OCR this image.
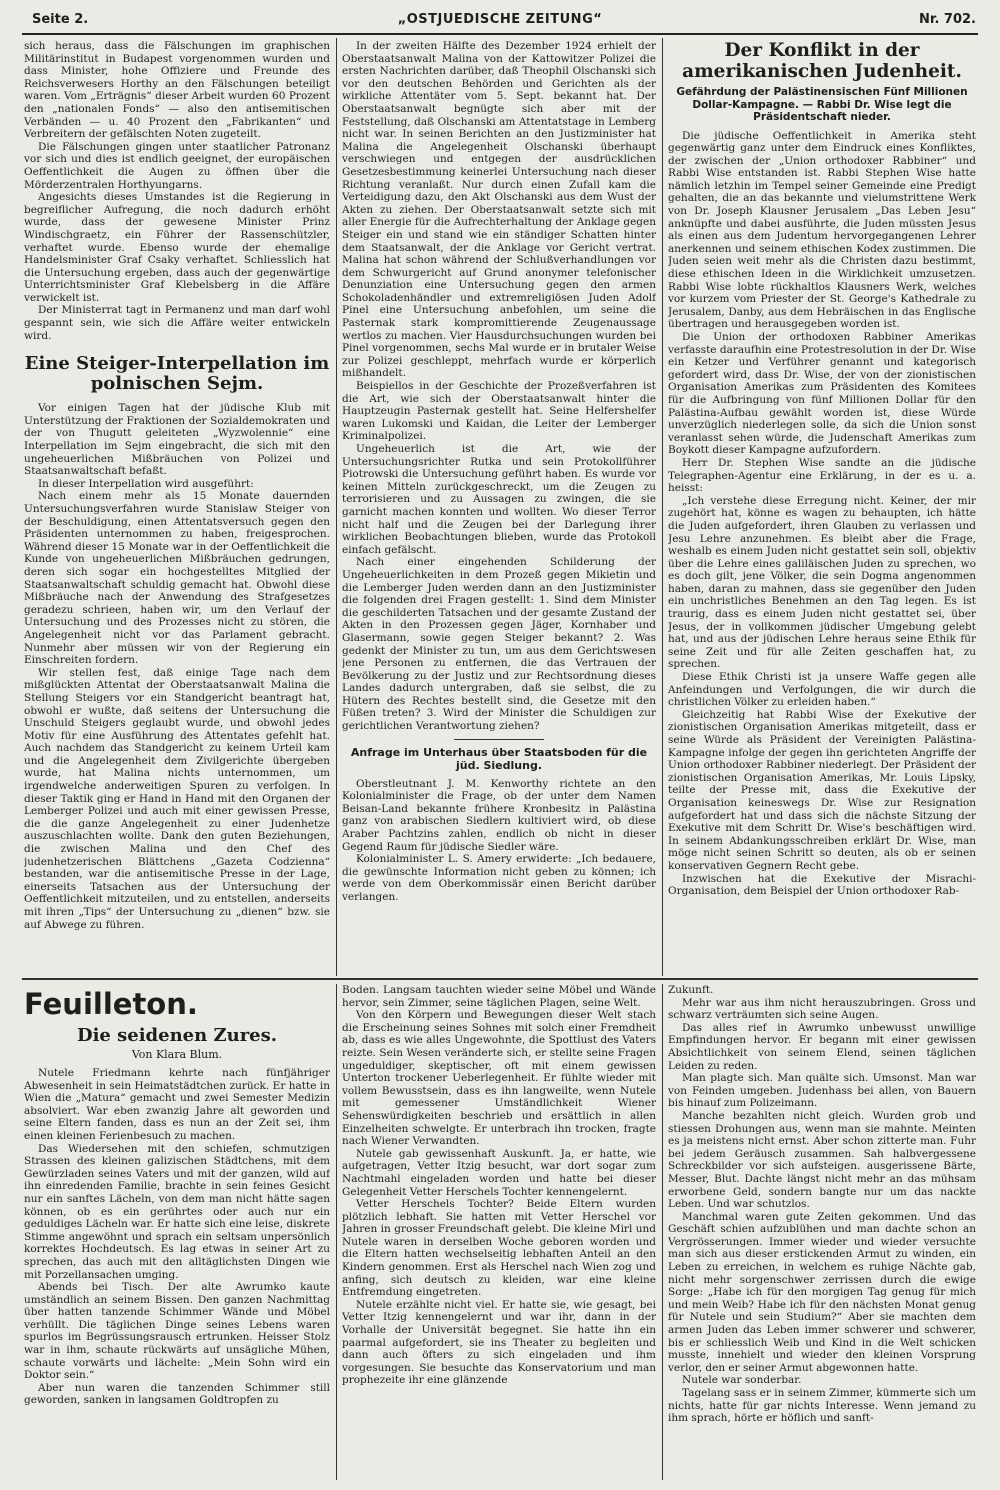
Seite 2.	„OSTJUEDISCHE ZEITUNG“	Nr. 702.

sich heraus, dass die Fälschungen im graphischen Militärinstitut in Budapest vorgenommen wurden und dass Minister, hohe Offiziere und Freunde des Reichsverwesers Horthy an den Fälschungen beteiligt waren. Vom „Erträgnis“ dieser Arbeit wurden 60 Prozent den „nationalen Fonds“ — also den antisemitischen Verbänden — u. 40 Prozent den „Fabrikanten“ und Verbreitern der gefälschten Noten zugeteilt.

Die Fälschungen gingen unter staatlicher Patronanz vor sich und dies ist endlich geeignet, der europäischen Oeffentlichkeit die Augen zu öffnen über die Mörderzentralen Horthyungarns.

Angesichts dieses Umstandes ist die Regierung in begreiflicher Aufregung, die noch dadurch erhöht wurde, dass der gewesene Minister Prinz Windischgraetz, ein Führer der Rassenschützler, verhaftet wurde. Ebenso wurde der ehemalige Handelsminister Graf Csaky verhaftet. Schliesslich hat die Untersuchung ergeben, dass auch der gegenwärtige Unterrichtsminister Graf Klebelsberg in die Affäre verwickelt ist.

Der Ministerrat tagt in Permanenz und man darf wohl gespannt sein, wie sich die Affäre weiter entwickeln wird.

Eine Steiger-Interpellation im polnischen Sejm.

Vor einigen Tagen hat der jüdische Klub mit Unterstützung der Fraktionen der Sozialdemokraten und der von Thugutt geleiteten „Wyzwolennie“ eine Interpellation im Sejm eingebracht, die sich mit den ungeheuerlichen Mißbräuchen von Polizei und Staatsanwaltschaft befaßt.

In dieser Interpellation wird ausgeführt:

Nach einem mehr als 15 Monate dauernden Untersuchungsverfahren wurde Stanislaw Steiger von der Beschuldigung, einen Attentatsversuch gegen den Präsidenten unternommen zu haben, freigesprochen. Während dieser 15 Monate war in der Oeffentlichkeit die Kunde von ungeheuerlichen Mißbräuchen gedrungen, deren sich sogar ein hochgestelltes Mitglied der Staatsanwaltschaft schuldig gemacht hat. Obwohl diese Mißbräuche nach der Anwendung des Strafgesetzes geradezu schrieen, haben wir, um den Verlauf der Untersuchung und des Prozesses nicht zu stören, die Angelegenheit nicht vor das Parlament gebracht. Nunmehr aber müssen wir von der Regierung ein Einschreiten fordern.

Wir stellen fest, daß einige Tage nach dem mißglückten Attentat der Oberstaatsanwalt Malina die Stellung Steigers vor ein Standgericht beantragt hat, obwohl er wußte, daß seitens der Untersuchung die Unschuld Steigers geglaubt wurde, und obwohl jedes Motiv für eine Ausführung des Attentates gefehlt hat. Auch nachdem das Standgericht zu keinem Urteil kam und die Angelegenheit dem Zivilgerichte übergeben wurde, hat Malina nichts unternommen, um irgendwelche anderweitigen Spuren zu verfolgen. In dieser Taktik ging er Hand in Hand mit den Organen der Lemberger Polizei und auch mit einer gewissen Presse, die die ganze Angelegenheit zu einer Judenhetze auszuschlachten wollte. Dank den guten Beziehungen, die zwischen Malina und den Chef des judenhetzerischen Blättchens „Gazeta Codzienna“ bestanden, war die antisemitische Presse in der Lage, einerseits Tatsachen aus der Untersuchung der Oeffentlichkeit mitzuteilen, und zu entstellen, anderseits mit ihren „Tips“ der Untersuchung zu „dienen“ bzw. sie auf Abwege zu führen.

In der zweiten Hälfte des Dezember 1924 erhielt der Oberstaatsanwalt Malina von der Kattowitzer Polizei die ersten Nachrichten darüber, daß Theophil Olschanski sich vor den deutschen Behörden und Gerichten als der wirkliche Attentäter vom 5. Sept. bekannt hat. Der Oberstaatsanwalt begnügte sich aber mit der Feststellung, daß Olschanski am Attentatstage in Lemberg nicht war. In seinen Berichten an den Justizminister hat Malina die Angelegenheit Olschanski überhaupt verschwiegen und entgegen der ausdrücklichen Gesetzesbestimmung keinerlei Untersuchung nach dieser Richtung veranlaßt. Nur durch einen Zufall kam die Verteidigung dazu, den Akt Olschanski aus dem Wust der Akten zu ziehen. Der Oberstaatsanwalt setzte sich mit aller Energie für die Aufrechterhaltung der Anklage gegen Steiger ein und stand wie ein ständiger Schatten hinter dem Staatsanwalt, der die Anklage vor Gericht vertrat. Malina hat schon während der Schlußverhandlungen vor dem Schwurgericht auf Grund anonymer telefonischer Denunziation eine Untersuchung gegen den armen Schokoladenhändler und extremreligiösen Juden Adolf Pinel eine Untersuchung anbefohlen, um seine die Pasternak stark kompromittierende Zeugenaussage wertlos zu machen. Vier Hausdurchsuchungen wurden bei Pinel vorgenommen, sechs Mal wurde er in brutaler Weise zur Polizei geschleppt, mehrfach wurde er körperlich mißhandelt.

Beispiellos in der Geschichte der Prozeßverfahren ist die Art, wie sich der Oberstaatsanwalt hinter die Hauptzeugin Pasternak gestellt hat. Seine Helfershelfer waren Lukomski und Kaidan, die Leiter der Lemberger Kriminalpolizei.

Ungeheuerlich ist die Art, wie der Untersuchungsrichter Rutka und sein Protokollführer Piotrowski die Untersuchung geführt haben. Es wurde vor keinen Mitteln zurückgeschreckt, um die Zeugen zu terrorisieren und zu Aussagen zu zwingen, die sie garnicht machen konnten und wollten. Wo dieser Terror nicht half und die Zeugen bei der Darlegung ihrer wirklichen Beobachtungen blieben, wurde das Protokoll einfach gefälscht.

Nach einer eingehenden Schilderung der Ungeheuerlichkeiten in dem Prozeß gegen Mikietin und die Lemberger Juden werden dann an den Justizminister die folgenden drei Fragen gestellt: 1. Sind dem Minister die geschilderten Tatsachen und der gesamte Zustand der Akten in den Prozessen gegen Jäger, Kornhaber und Glasermann, sowie gegen Steiger bekannt? 2. Was gedenkt der Minister zu tun, um aus dem Gerichtswesen jene Personen zu entfernen, die das Vertrauen der Bevölkerung zu der Justiz und zur Rechtsordnung dieses Landes dadurch untergraben, daß sie selbst, die zu Hütern des Rechtes bestellt sind, die Gesetze mit den Füßen treten? 3. Wird der Minister die Schuldigen zur gerichtlichen Verantwortung ziehen?

Anfrage im Unterhaus über Staatsboden für die jüd. Siedlung.

Oberstleutnant J. M. Kenworthy richtete an den Kolonialminister die Frage, ob der unter dem Namen Beisan-Land bekannte frühere Kronbesitz in Palästina ganz von arabischen Siedlern kultiviert wird, ob diese Araber Pachtzins zahlen, endlich ob nicht in dieser Gegend Raum für jüdische Siedler wäre.

Kolonialminister L. S. Amery erwiderte: „Ich bedauere, die gewünschte Information nicht geben zu können; ich werde von dem Oberkommissär einen Bericht darüber verlangen.

Der Konflikt in der amerikanischen Judenheit.
Gefährdung der Palästinensischen Fünf Millionen Dollar-Kampagne. — Rabbi Dr. Wise legt die Präsidentschaft nieder.

Die jüdische Oeffentlichkeit in Amerika steht gegenwärtig ganz unter dem Eindruck eines Konfliktes, der zwischen der „Union orthodoxer Rabbiner“ und Rabbi Wise entstanden ist. Rabbi Stephen Wise hatte nämlich letzhin im Tempel seiner Gemeinde eine Predigt gehalten, die an das bekannte und vielumstrittene Werk von Dr. Joseph Klausner Jerusalem „Das Leben Jesu“ anknüpfte und dabei ausführte, die Juden müssten Jesus als einen aus dem Judentum hervorgegangenen Lehrer anerkennen und seinem ethischen Kodex zustimmen. Die Juden seien weit mehr als die Christen dazu bestimmt, diese ethischen Ideen in die Wirklichkeit umzusetzen. Rabbi Wise lobte rückhaltlos Klausners Werk, welches vor kurzem vom Priester der St. George's Kathedrale zu Jerusalem, Danby, aus dem Hebräischen in das Englische übertragen und herausgegeben worden ist.

Die Union der orthodoxen Rabbiner Amerikas verfasste daraufhin eine Protestresolution in der Dr. Wise ein Ketzer und Verführer genannt und kategorisch gefordert wird, dass Dr. Wise, der von der zionistischen Organisation Amerikas zum Präsidenten des Komitees für die Aufbringung von fünf Millionen Dollar für den Palästina-Aufbau gewählt worden ist, diese Würde unverzüglich niederlegen solle, da sich die Union sonst veranlasst sehen würde, die Judenschaft Amerikas zum Boykott dieser Kampagne aufzufordern.

Herr Dr. Stephen Wise sandte an die jüdische Telegraphen-Agentur eine Erklärung, in der es u. a. heisst:

„Ich verstehe diese Erregung nicht. Keiner, der mir zugehört hat, könne es wagen zu behaupten, ich hätte die Juden aufgefordert, ihren Glauben zu verlassen und Jesu Lehre anzunehmen. Es bleibt aber die Frage, weshalb es einem Juden nicht gestattet sein soll, objektiv über die Lehre eines galiläischen Juden zu sprechen, wo es doch gilt, jene Völker, die sein Dogma angenommen haben, daran zu mahnen, dass sie gegenüber den Juden ein unchristliches Benehmen an den Tag legen. Es ist traurig, dass es einem Juden nicht gestattet sei, über Jesus, der in vollkommen jüdischer Umgebung gelebt hat, und aus der jüdischen Lehre heraus seine Ethik für seine Zeit und für alle Zeiten geschaffen hat, zu sprechen.

Diese Ethik Christi ist ja unsere Waffe gegen alle Anfeindungen und Verfolgungen, die wir durch die christlichen Völker zu erleiden haben.“

Gleichzeitig hat Rabbi Wise der Exekutive der zionistischen Organisation Amerikas mitgeteilt, dass er seine Würde als Präsident der Vereinigten Palästina-Kampagne infolge der gegen ihn gerichteten Angriffe der Union orthodoxer Rabbiner niederlegt. Der Präsident der zionistischen Organisation Amerikas, Mr. Louis Lipsky, teilte der Presse mit, dass die Exekutive der Organisation keineswegs Dr. Wise zur Resignation aufgefordert hat und dass sich die nächste Sitzung der Exekutive mit dem Schritt Dr. Wise's beschäftigen wird. In seinem Abdankungsschreiben erklärt Dr. Wise, man möge nicht seinen Schritt so deuten, als ob er seinen konservativen Gegnern Recht gebe.

Inzwischen hat die Exekutive der Misrachi-Organisation, dem Beispiel der Union orthodoxer Rab-

Feuilleton.
Die seidenen Zures.
Von Klara Blum.

Nutele Friedmann kehrte nach fünfjähriger Abwesenheit in sein Heimatstädtchen zurück. Er hatte in Wien die „Matura“ gemacht und zwei Semester Medizin absolviert. War eben zwanzig Jahre alt geworden und seine Eltern fanden, dass es nun an der Zeit sei, ihm einen kleinen Ferienbesuch zu machen.

Das Wiedersehen mit den schiefen, schmutzigen Strassen des kleinen galizischen Städtchens, mit dem Gewürzladen seines Vaters und mit der ganzen, wild auf ihn einredenden Familie, brachte in sein feines Gesicht nur ein sanftes Lächeln, von dem man nicht hätte sagen können, ob es ein gerührtes oder auch nur ein geduldiges Lächeln war. Er hatte sich eine leise, diskrete Stimme angewöhnt und sprach ein seltsam unpersönlich korrektes Hochdeutsch. Es lag etwas in seiner Art zu sprechen, das auch mit den alltäglichsten Dingen wie mit Porzellansachen umging.

Abends bei Tisch. Der alte Awrumko kaute umständlich an seinem Bissen. Den ganzen Nachmittag über hatten tanzende Schimmer Wände und Möbel verhüllt. Die täglichen Dinge seines Lebens waren spurlos im Begrüssungsrausch ertrunken. Heisser Stolz war in ihm, schaute rückwärts auf unsägliche Mühen, schaute vorwärts und lächelte: „Mein Sohn wird ein Doktor sein.“

Aber nun waren die tanzenden Schimmer still geworden, sanken in langsamen Goldtropfen zu

Boden. Langsam tauchten wieder seine Möbel und Wände hervor, sein Zimmer, seine täglichen Plagen, seine Welt.

Von den Körpern und Bewegungen dieser Welt stach die Erscheinung seines Sohnes mit solch einer Fremdheit ab, dass es wie alles Ungewohnte, die Spottlust des Vaters reizte. Sein Wesen veränderte sich, er stellte seine Fragen ungeduldiger, skeptischer, oft mit einem gewissen Unterton trockener Ueberlegenheit. Er fühlte wieder mit vollem Bewusstsein, dass es ihn langweilte, wenn Nutele mit gemessener Umständlichkeit Wiener Sehenswürdigkeiten beschrieb und ersättlich in allen Einzelheiten schwelgte. Er unterbrach ihn trocken, fragte nach Wiener Verwandten.

Nutele gab gewissenhaft Auskunft. Ja, er hatte, wie aufgetragen, Vetter Itzig besucht, war dort sogar zum Nachtmahl eingeladen worden und hatte bei dieser Gelegenheit Vetter Herschels Tochter kennengelernt.

Vetter Herschels Tochter? Beide Eltern wurden plötzlich lebhaft. Sie hatten mit Vetter Herschel vor Jahren in grosser Freundschaft gelebt. Die kleine Mirl und Nutele waren in derselben Woche geboren worden und die Eltern hatten wechselseitig lebhaften Anteil an den Kindern genommen. Erst als Herschel nach Wien zog und anfing, sich deutsch zu kleiden, war eine kleine Entfremdung eingetreten.

Nutele erzählte nicht viel. Er hatte sie, wie gesagt, bei Vetter Itzig kennengelernt und war ihr, dann in der Vorhalle der Universität begegnet. Sie hatte ihn ein paarmal aufgefordert, sie ins Theater zu begleiten und dann auch öfters zu sich eingeladen und ihm vorgesungen. Sie besuchte das Konservatorium und man prophezeite ihr eine glänzende

Zukunft.

Mehr war aus ihm nicht herauszubringen. Gross und schwarz verträumten sich seine Augen.

Das alles rief in Awrumko unbewusst unwillige Empfindungen hervor. Er begann mit einer gewissen Absichtlichkeit von seinem Elend, seinen täglichen Leiden zu reden.

Man plagte sich. Man quälte sich. Umsonst. Man war von Feinden umgeben. Judenhass bei allen, von Bauern bis hinauf zum Polizeimann.

Manche bezahlten nicht gleich. Wurden grob und stiessen Drohungen aus, wenn man sie mahnte. Meinten es ja meistens nicht ernst. Aber schon zitterte man. Fuhr bei jedem Geräusch zusammen. Sah halbvergessene Schreckbilder vor sich aufsteigen. ausgerissene Bärte, Messer, Blut. Dachte längst nicht mehr an das mühsam erworbene Geld, sondern bangte nur um das nackte Leben. Und war schutzlos.

Manchmal waren gute Zeiten gekommen. Und das Geschäft schien aufzublühen und man dachte schon an Vergrösserungen. Immer wieder und wieder versuchte man sich aus dieser erstickenden Armut zu winden, ein Leben zu erreichen, in welchem es ruhige Nächte gab, nicht mehr sorgenschwer zerrissen durch die ewige Sorge: „Habe ich für den morgigen Tag genug für mich und mein Weib? Habe ich für den nächsten Monat genug für Nutele und sein Studium?“ Aber sie machten dem armen Juden das Leben immer schwerer und schwerer, bis er schliesslich Weib und Kind in die Welt schicken musste, innehielt und wieder den kleinen Vorsprung verlor, den er seiner Armut abgewonnen hatte.

Nutele war sonderbar.

Tagelang sass er in seinem Zimmer, kümmerte sich um nichts, hatte für gar nichts Interesse. Wenn jemand zu ihm sprach, hörte er höflich und sanft-
